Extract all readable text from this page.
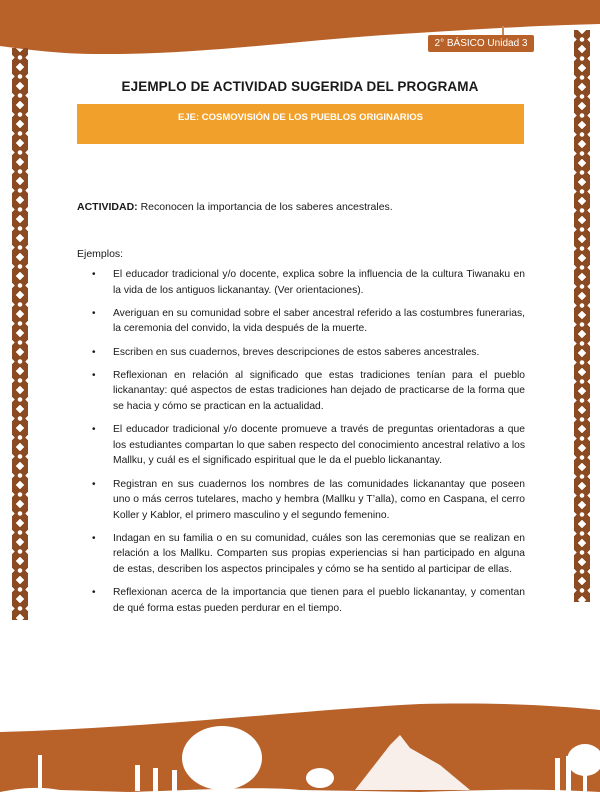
2° BÁSICO Unidad 3
EJEMPLO DE ACTIVIDAD SUGERIDA DEL PROGRAMA
EJE: COSMOVISIÓN DE LOS PUEBLOS ORIGINARIOS
ACTIVIDAD: Reconocen la importancia de los saberes ancestrales.
Ejemplos:
• El educador tradicional y/o docente, explica sobre la influencia de la cultura Tiwanaku en la vida de los antiguos lickanantay. (Ver orientaciones).
• Averiguan en su comunidad sobre el saber ancestral referido a las costumbres funerarias, la ceremonia del convido, la vida después de la muerte.
• Escriben en sus cuadernos, breves descripciones de estos saberes ancestrales.
• Reflexionan en relación al significado que estas tradiciones tenían para el pueblo lickanantay: qué aspectos de estas tradiciones han dejado de practicarse de la forma que se hacia y cómo se practican en la actualidad.
• El educador tradicional y/o docente promueve a través de preguntas orientadoras a que los estudiantes compartan lo que saben respecto del conocimiento ancestral relativo a los Mallku, y cuál es el significado espiritual que le da el pueblo lickanantay.
• Registran en sus cuadernos los nombres de las comunidades lickanantay que poseen uno o más cerros tutelares, macho y hembra (Mallku y T’alla), como en Caspana, el cerro Koller y Kablor, el primero masculino y el segundo femenino.
• Indagan en su familia o en su comunidad, cuáles son las ceremonias que se realizan en relación a los Mallku. Comparten sus propias experiencias si han participado en alguna de estas, describen los aspectos principales y cómo se ha sentido al participar de ellas.
• Reflexionan acerca de la importancia que tienen para el pueblo lickanantay, y comentan de qué forma estas pueden perdurar en el tiempo.
